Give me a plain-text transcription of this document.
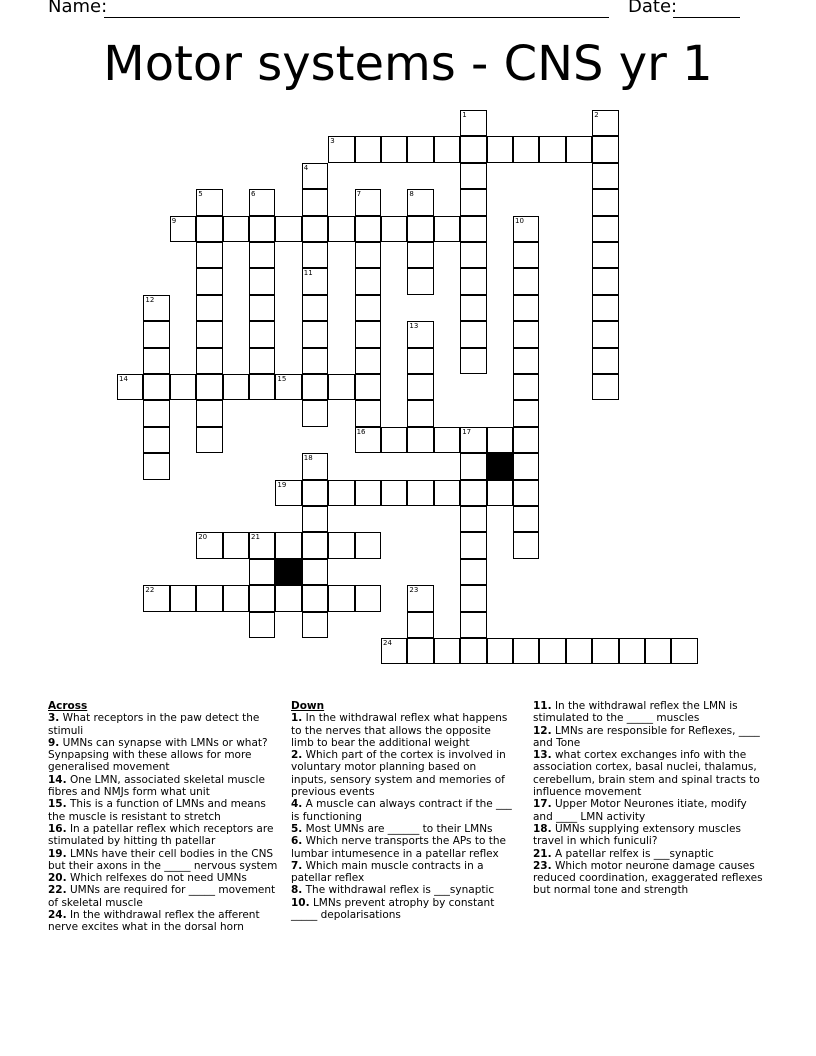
Name:	Date:
Motor systems - CNS yr 1
1	2
3
4
11
5	6	7
16
8
9	10
12
13
14	15
17
18
19
20	21
22	23
24
Across
3. What receptors in the paw detect the stimuli
9. UMNs can synapse with LMNs or what? Synpapsing with these allows for more generalised movement
14. One LMN, associated skeletal muscle fibres and NMJs form what unit
15. This is a function of LMNs and means the muscle is resistant to stretch
16. In a patellar reflex which receptors are stimulated by hitting th patellar
19. LMNs have their cell bodies in the CNS but their axons in the _____ nervous system
20. Which relfexes do not need UMNs
22. UMNs are required for _____ movement of skeletal muscle
24. In the withdrawal reflex the afferent nerve excites what in the dorsal horn
Down
1. In the withdrawal reflex what happens to the nerves that allows the opposite limb to bear the additional weight
2. Which part of the cortex is involved in voluntary motor planning based on inputs, sensory system and memories of previous events
4. A muscle can always contract if the ___ is functioning
5. Most UMNs are ______ to their LMNs
6. Which nerve transports the APs to the lumbar intumesence in a patellar reflex
7. Which main muscle contracts in a patellar reflex
8. The withdrawal reflex is ___synaptic
10. LMNs prevent atrophy by constant _____ depolarisations
11. In the withdrawal reflex the LMN is stimulated to the _____ muscles
12. LMNs are responsible for Reflexes, ____ and Tone
13. what cortex exchanges info with the association cortex, basal nuclei, thalamus, cerebellum, brain stem and spinal tracts to influence movement
17. Upper Motor Neurones itiate, modify and ____ LMN activity
18. UMNs supplying extensory muscles travel in which funiculi?
21. A patellar relfex is ___synaptic
23. Which motor neurone damage causes reduced coordination, exaggerated reflexes but normal tone and strength
